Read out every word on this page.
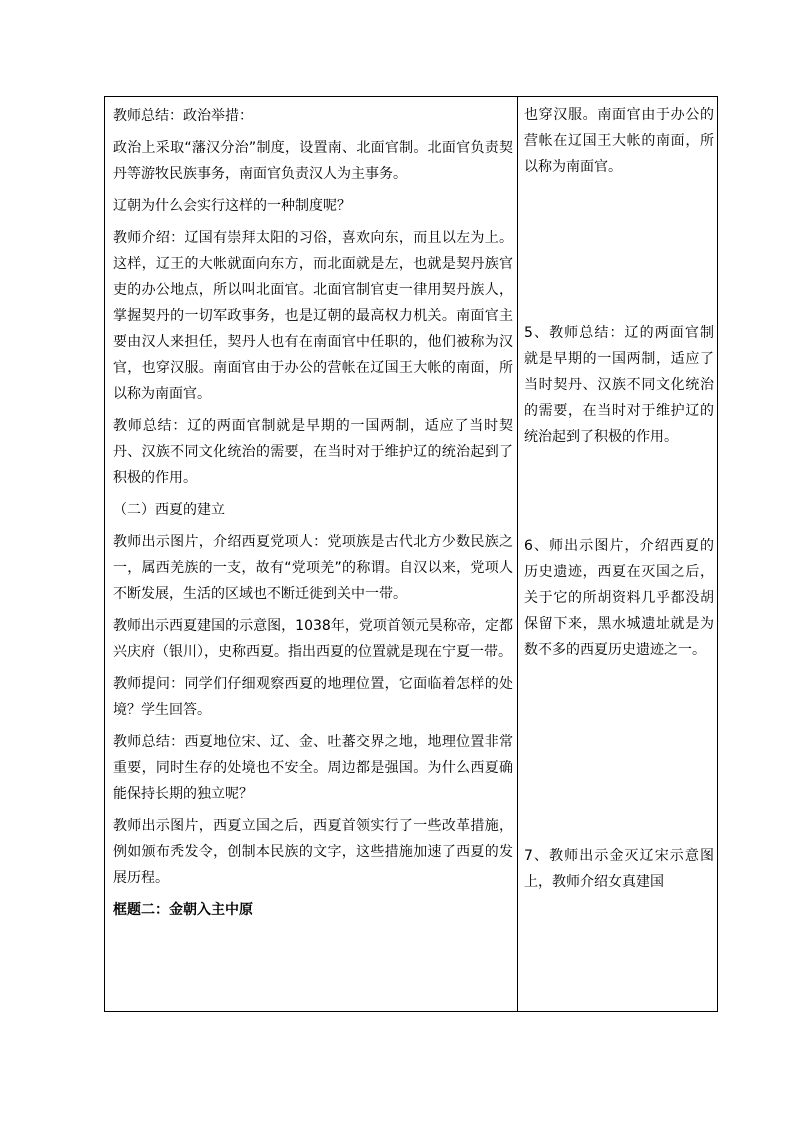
教师总结：政治举措：

政治上采取“藩汉分治”制度，设置南、北面官制。北面官负责契丹等游牧民族事务，南面官负责汉人为主事务。

辽朝为什么会实行这样的一种制度呢？

教师介绍：辽国有崇拜太阳的习俗，喜欢向东，而且以左为上。这样，辽王的大帐就面向东方，而北面就是左，也就是契丹族官吏的办公地点，所以叫北面官。北面官制官吏一律用契丹族人，掌握契丹的一切军政事务，也是辽朝的最高权力机关。南面官主要由汉人来担任，契丹人也有在南面官中任职的，他们被称为汉官，也穿汉服。南面官由于办公的营帐在辽国王大帐的南面，所以称为南面官。

教师总结：辽的两面官制就是早期的一国两制，适应了当时契丹、汉族不同文化统治的需要，在当时对于维护辽的统治起到了积极的作用。

（二）西夏的建立

教师出示图片，介绍西夏党项人：党项族是古代北方少数民族之一，属西羌族的一支，故有“党项羌”的称谓。自汉以来，党项人不断发展，生活的区域也不断迁徙到关中一带。

教师出示西夏建国的示意图，1038年，党项首领元昊称帝，定都兴庆府（银川），史称西夏。指出西夏的位置就是现在宁夏一带。

教师提问：同学们仔细观察西夏的地理位置，它面临着怎样的处境？学生回答。

教师总结：西夏地位宋、辽、金、吐蕃交界之地，地理位置非常重要，同时生存的处境也不安全。周边都是强国。为什么西夏确能保持长期的独立呢？

教师出示图片，西夏立国之后，西夏首领实行了一些改革措施，例如颁布秃发令，创制本民族的文字，这些措施加速了西夏的发展历程。

框题二：金朝入主中原

也穿汉服。南面官由于办公的营帐在辽国王大帐的南面，所以称为南面官。
5、教师总结：辽的两面官制就是早期的一国两制，适应了当时契丹、汉族不同文化统治的需要，在当时对于维护辽的统治起到了积极的作用。
6、师出示图片，介绍西夏的历史遗迹，西夏在灭国之后，关于它的所胡资料几乎都没胡保留下来，黑水城遗址就是为数不多的西夏历史遗迹之一。
7、教师出示金灭辽宋示意图上，教师介绍女真建国
